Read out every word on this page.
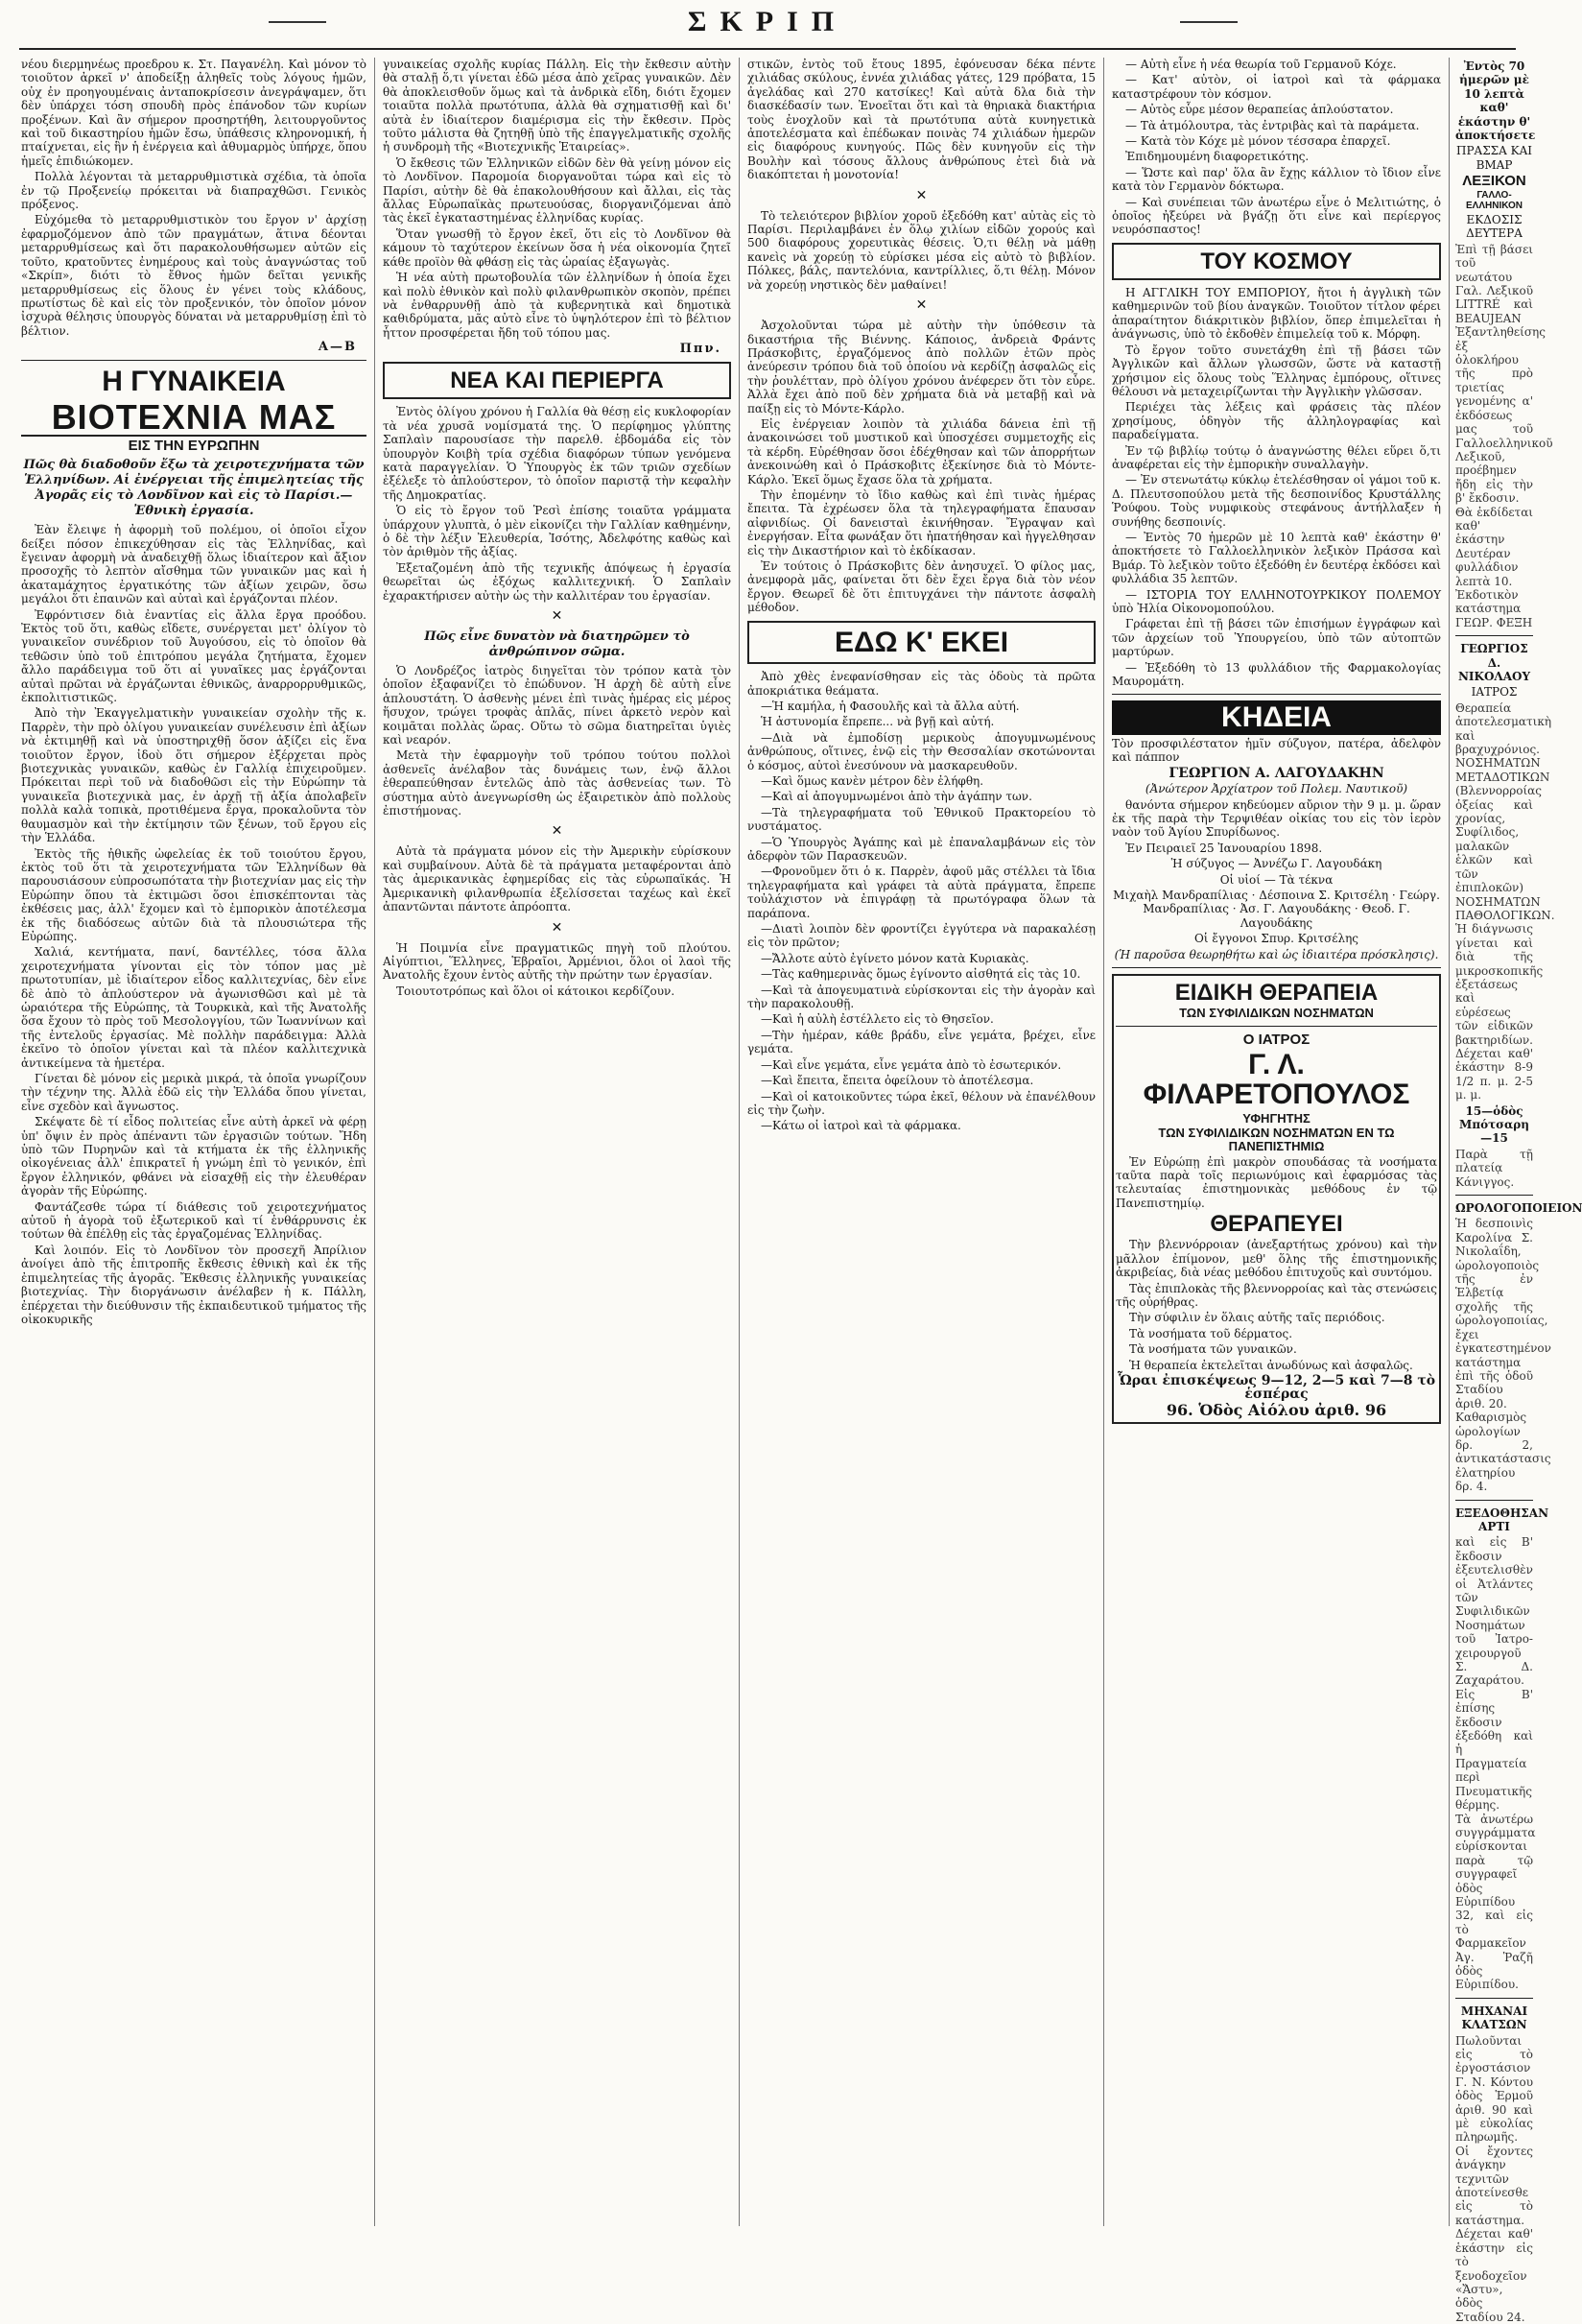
ΣΚΡΙΠ

νέου διερμηνέως προεδρου κ. Στ. Παγανέλη. Καὶ μόνον τὸ τοιοῦτον ἀρκεῖ ν' ἀποδείξῃ ἀληθεῖς τοὺς λόγους ἡμῶν, οὐχ ἐν προηγουμέναις ἀνταποκρίσεσιν ἀνεγράψαμεν, ὅτι δὲν ὑπάρχει τόση σπουδὴ πρὸς ἐπάνοδον τῶν κυρίων προξένων. Καὶ ἂν σήμερον προσηρτήθη, λειτουργοῦντος καὶ τοῦ δικαστηρίου ἡμῶν ἔσω, ὑπάθεσις κληρονομική, ἡ πταίχνεται, εἰς ἣν ἡ ἐνέργεια καὶ ἀθυμαρμὸς ὑπήρχε, ὅπου ἡμεῖς ἐπιδιώκομεν.

Πολλὰ λέγονται τὰ μεταρρυθμιστικὰ σχέδια, τὰ ὁποῖα ἐν τῷ Προξενείῳ πρόκειται νὰ διαπραχθῶσι. Γενικὸς πρόξενος.

Εὐχόμεθα τὸ μεταρρυθμιστικὸν του ἔργον ν' ἀρχίσῃ ἐφαρμοζόμενον ἀπὸ τῶν πραγμάτων, ἅτινα δέονται μεταρρυθμίσεως καὶ ὅτι παρακολουθήσωμεν αὐτῶν εἰς τοῦτο, κρατοῦντες ἐνημέρους καὶ τοὺς ἀναγνώστας τοῦ «Σκρίπ», διότι τὸ ἔθνος ἡμῶν δεῖται γενικῆς μεταρρυθμίσεως εἰς ὅλους ἐν γένει τοὺς κλάδους, πρωτίστως δὲ καὶ εἰς τὸν προξενικόν, τὸν ὁποῖον μόνον ἰσχυρὰ θέλησις ὑπουργὸς δύναται νὰ μεταρρυθμίσῃ ἐπὶ τὸ βέλτιον.

Α—Β
Η ΓΥΝΑΙΚΕΙΑ
ΒΙΟΤΕΧΝΙΑ ΜΑΣ
ΕΙΣ ΤΗΝ ΕΥΡΩΠΗΝ
Πῶς θὰ διαδοθοῦν ἔξω τὰ χειροτεχνήματα τῶν Ἑλληνίδων. Αἱ ἐνέργειαι τῆς ἐπιμελητείας τῆς Ἀγορᾶς εἰς τὸ Λονδῖνον καὶ εἰς τὸ Παρίσι.— Ἐθνικὴ ἐργασία.

Ἐὰν ἔλειψε ἡ ἀφορμὴ τοῦ πολέμου, οἱ ὁποῖοι εἶχον δείξει πόσον ἐπικεχύθησαν εἰς τὰς Ἑλληνίδας, καὶ ἔγειναν ἀφορμὴ νὰ ἀναδειχθῇ ὅλως ἰδιαίτερον καὶ ἄξιον προσοχῆς τὸ λεπτὸν αἴσθημα τῶν γυναικῶν μας καὶ ἡ ἀκαταμάχητος ἐργατικότης τῶν ἀξίων χειρῶν, ὅσω μεγάλοι ὅτι ἐπαινῶν καὶ αὐταὶ καὶ ἐργάζονται πλέον.

Ἐφρόντισεν διὰ ἐναντίας εἰς ἄλλα ἔργα προόδου. Ἐκτὸς τοῦ ὅτι, καθὼς εἴδετε, συνέργεται μετ' ὀλίγον τὸ γυναικεῖον συνέδριον τοῦ Ἀυγούσου, εἰς τὸ ὁποῖον θὰ τεθῶσιν ὑπὸ τοῦ ἐπιτρόπου μεγάλα ζητήματα, ἔχομεν ἄλλο παράδειγμα τοῦ ὅτι αἱ γυναῖκες μας ἐργάζονται αὐταὶ πρῶται νὰ ἐργάζωνται ἐθνικῶς, ἀναρρορρυθμικῶς, ἐκπολιτιστικῶς.

Ἀπὸ τὴν Ἐκαγγελματικὴν γυναικείαν σχολὴν τῆς κ. Παρρὲν, τὴν πρὸ ὀλίγου γυναικείαν συνέλευσιν ἐπὶ ἀξίων νὰ ἐκτιμηθῇ καὶ νὰ ὑποστηριχθῇ ὅσον ἀξίζει εἰς ἕνα τοιοῦτον ἔργον, ἰδοὺ ὅτι σήμερον ἐξέρχεται πρὸς βιοτεχνικὰς γυναικῶν, καθὼς ἐν Γαλλίᾳ ἐπιχειροῦμεν. Πρόκειται περὶ τοῦ νὰ διαδοθῶσι εἰς τὴν Εὐρώπην τὰ γυναικεῖα βιοτεχνικὰ μας, ἐν ἀρχῇ τῇ ἀξία ἀπολαβεῖν πολλὰ καλὰ τοπικὰ, προτιθέμενα ἔργα, προκαλοῦντα τὸν θαυμασμὸν καὶ τὴν ἐκτίμησιν τῶν ξένων, τοῦ ἔργου εἰς τὴν Ἑλλάδα.

Ἐκτὸς τῆς ἠθικῆς ὠφελείας ἐκ τοῦ τοιούτου ἔργου, ἐκτὸς τοῦ ὅτι τὰ χειροτεχνήματα τῶν Ἑλληνίδων θὰ παρουσιάσουν εὐπροσωπότατα τὴν βιοτεχνίαν μας εἰς τὴν Εὐρώπην ὅπου τὰ ἐκτιμῶσι ὅσοι ἐπισκέπτονται τὰς ἐκθέσεις μας, ἀλλ' ἔχομεν καὶ τὸ ἐμπορικὸν ἀποτέλεσμα ἐκ τῆς διαδόσεως αὐτῶν διὰ τὰ πλουσιώτερα τῆς Εὐρώπης.

Χαλιά, κεντήματα, πανί, δαντέλλες, τόσα ἄλλα χειροτεχνήματα γίνονται εἰς τὸν τόπον μας μὲ πρωτοτυπίαν, μὲ ἰδιαίτερον εἶδος καλλιτεχνίας, δὲν εἶνε δὲ ἀπὸ τὸ ἀπλούστερον νὰ ἀγωνισθῶσι καὶ μὲ τὰ ὡραιότερα τῆς Εὐρώπης, τὰ Τουρκικὰ, καὶ τῆς Ἀνατολῆς ὅσα ἔχουν τὸ πρὸς τοῦ Μεσολογγίου, τῶν Ἰωαννίνων καὶ τῆς ἐντελοῦς ἐργασίας. Μὲ πολλὴν παράδειγμα: Ἀλλὰ ἐκεῖνο τὸ ὁποῖον γίνεται καὶ τὰ πλέον καλλιτεχνικὰ ἀντικείμενα τὰ ἡμετέρα.

Γίνεται δὲ μόνον εἰς μερικὰ μικρά, τὰ ὁποῖα γνωρίζουν τὴν τέχνην της. Ἀλλὰ ἐδῶ εἰς τὴν Ἑλλάδα ὅπου γίνεται, εἶνε σχεδὸν καὶ ἄγνωστος.

Σκέψατε δὲ τί εἶδος πολιτείας εἶνε αὐτὴ ἀρκεῖ νὰ φέρῃ ὑπ' ὄψιν ἐν πρὸς ἀπέναντι τῶν ἐργασιῶν τούτων. Ἤδη ὑπὸ τῶν Πυρηνῶν καὶ τὰ κτήματα ἐκ τῆς ἑλληνικῆς οἰκογένειας ἀλλ' ἐπικρατεῖ ἡ γνώμη ἐπὶ τὸ γενικόν, ἐπὶ ἔργον ἐλληνικόν, φθάνει νὰ εἰσαχθῇ εἰς τὴν ἐλευθέραν ἀγορὰν τῆς Εὐρώπης.

Φαντάζεσθε τώρα τί διάθεσις τοῦ χειροτεχνήματος αὐτοῦ ἡ ἀγορὰ τοῦ ἐξωτερικοῦ καὶ τί ἐνθάρρυνσις ἐκ τούτων θὰ ἐπέλθῃ εἰς τὰς ἐργαζομένας Ἑλληνίδας.

Καὶ λοιπόν. Εἰς τὸ Λονδῖνον τὸν προσεχῆ Ἀπρίλιον ἀνοίγει ἀπὸ τῆς ἐπιτροπῆς ἔκθεσις ἐθνικὴ καὶ ἐκ τῆς ἐπιμελητείας τῆς ἀγορᾶς. Ἔκθεσις ἐλληνικῆς γυναικείας βιοτεχνίας. Τὴν διοργάνωσιν ἀνέλαβεν ἡ κ. Πάλλη, ἐπέρχεται τὴν διεύθυνσιν τῆς ἐκπαιδευτικοῦ τμήματος τῆς οἰκοκυρικῆς

γυναικείας σχολῆς κυρίας Πάλλη. Εἰς τὴν ἔκθεσιν αὐτὴν θὰ σταλῇ ὅ,τι γίνεται ἐδῶ μέσα ἀπὸ χεῖρας γυναικῶν. Δὲν θὰ ἀποκλεισθοῦν ὅμως καὶ τὰ ἀνδρικὰ εἴδη, διότι ἔχομεν τοιαῦτα πολλὰ πρωτότυπα, ἀλλὰ θὰ σχηματισθῇ καὶ δι' αὐτὰ ἐν ἰδιαίτερον διαμέρισμα εἰς τὴν ἔκθεσιν. Πρὸς τοῦτο μάλιστα θὰ ζητηθῇ ὑπὸ τῆς ἐπαγγελματικῆς σχολῆς ἡ συνδρομὴ τῆς «Βιοτεχνικῆς Ἑταιρείας».

Ὁ ἔκθεσις τῶν Ἑλληνικῶν εἰδῶν δὲν θὰ γείνῃ μόνον εἰς τὸ Λονδῖνον. Παρομοία διοργανοῦται τώρα καὶ εἰς τὸ Παρίσι, αὐτὴν δὲ θὰ ἐπακολουθήσουν καὶ ἄλλαι, εἰς τὰς ἄλλας Εὐρωπαϊκὰς πρωτευούσας, διοργανιζόμεναι ἀπὸ τὰς ἐκεῖ ἐγκαταστημένας ἑλληνίδας κυρίας.

Ὅταν γνωσθῇ τὸ ἔργον ἐκεῖ, ὅτι εἰς τὸ Λονδῖνον θὰ κάμουν τὸ ταχύτερον ἐκείνων ὅσα ἡ νέα οἰκονομία ζητεῖ κάθε προϊὸν θὰ φθάσῃ εἰς τὰς ὠραίας ἐξαγωγὰς.

Ἡ νέα αὐτὴ πρωτοβουλία τῶν ἑλληνίδων ἡ ὁποία ἔχει καὶ πολὺ ἐθνικὸν καὶ πολὺ φιλανθρωπικὸν σκοπὸν, πρέπει νὰ ἐνθαρρυνθῇ ἀπὸ τὰ κυβερνητικὰ καὶ δημοτικὰ καθιδρύματα, μᾶς αὐτὸ εἶνε τὸ ὑψηλότερον ἐπὶ τὸ βέλτιον ἧττον προσφέρεται ἤδη τοῦ τόπου μας.

Ππν.
ΝΕΑ ΚΑΙ ΠΕΡΙΕΡΓΑ

Ἐντὸς ὀλίγου χρόνου ἡ Γαλλία θὰ θέσῃ εἰς κυκλοφορίαν τὰ νέα χρυσᾶ νομίσματά της. Ὁ περίφημος γλύπτης Σαπλαὶν παρουσίασε τὴν παρελθ. ἑβδομάδα εἰς τὸν ὑπουργὸν Κοιβὴ τρία σχέδια διαφόρων τύπων γενόμενα κατὰ παραγγελίαν. Ὁ Ὑπουργὸς ἐκ τῶν τριῶν σχεδίων ἐξέλεξε τὸ ἀπλούστερον, τὸ ὁποῖον παριστᾷ τὴν κεφαλὴν τῆς Δημοκρατίας.

Ὁ εἰς τὸ ἔργον τοῦ Ῥεσὶ ἐπίσης τοιαῦτα γράμματα ὑπάρχουν γλυπτὰ, ὁ μὲν εἰκονίζει τὴν Γαλλίαν καθημένην, ὁ δὲ τὴν λέξιν Ἐλευθερία, Ἰσότης, Ἀδελφότης καθὼς καὶ τὸν ἀριθμὸν τῆς ἀξίας.

Ἐξεταζομένη ἀπὸ τῆς τεχνικῆς ἀπόψεως ἡ ἐργασία θεωρεῖται ὡς ἐξόχως καλλιτεχνική. Ὁ Σαπλαὶν ἐχαρακτήρισεν αὐτὴν ὡς τὴν καλλιτέραν του ἐργασίαν.

✕
Πῶς εἶνε δυνατὸν νὰ διατηρῶμεν τὸ ἀνθρώπινον σῶμα.

Ὁ Λονδρέζος ἰατρὸς διηγεῖται τὸν τρόπον κατὰ τὸν ὁποῖον ἐξαφανίζει τὸ ἐπώδυνον. Ἡ ἀρχὴ δὲ αὐτὴ εἶνε ἁπλουστάτη. Ὁ ἀσθενὴς μένει ἐπὶ τινὰς ἡμέρας εἰς μέρος ἥσυχον, τρώγει τροφὰς ἀπλᾶς, πίνει ἀρκετὸ νερὸν καὶ κοιμᾶται πολλὰς ὥρας. Οὕτω τὸ σῶμα διατηρεῖται ὑγιὲς καὶ νεαρόν.

Μετὰ τὴν ἐφαρμογὴν τοῦ τρόπου τούτου πολλοὶ ἀσθενεῖς ἀνέλαβον τὰς δυνάμεις των, ἐνῷ ἄλλοι ἐθεραπεύθησαν ἐντελῶς ἀπὸ τὰς ἀσθενείας των. Τὸ σύστημα αὐτὸ ἀνεγνωρίσθη ὡς ἐξαιρετικὸν ἀπὸ πολλοὺς ἐπιστήμονας.

✕

Αὐτὰ τὰ πράγματα μόνον εἰς τὴν Ἀμερικὴν εὑρίσκουν καὶ συμβαίνουν. Αὐτὰ δὲ τὰ πράγματα μεταφέρονται ἀπὸ τὰς ἀμερικανικὰς ἐφημερίδας εἰς τὰς εὐρωπαϊκάς. Ἡ Ἀμερικανικὴ φιλανθρωπία ἐξελίσσεται ταχέως καὶ ἐκεῖ ἀπαντῶνται πάντοτε ἀπρόοπτα.

✕

Ἡ Ποιμνία εἶνε πραγματικῶς πηγὴ τοῦ πλούτου. Αἰγύπτιοι, Ἕλληνες, Ἑβραῖοι, Ἀρμένιοι, ὅλοι οἱ λαοὶ τῆς Ἀνατολῆς ἔχουν ἐντὸς αὐτῆς τὴν πρώτην των ἐργασίαν.

Τοιουτοτρόπως καὶ ὅλοι οἱ κάτοικοι κερδίζουν.

στικῶν, ἐντὸς τοῦ ἔτους 1895, ἐφόνευσαν δέκα πέντε χιλιάδας σκύλους, ἐννέα χιλιάδας γάτες, 129 πρόβατα, 15 ἀγελάδας καὶ 270 κατσίκες! Καὶ αὐτὰ δλα διὰ τὴν διασκέδασίν των. Ἐνοεῖται ὅτι καὶ τὰ θηριακὰ διακτήρια τοὺς ἐνοχλοῦν καὶ τὰ πρωτότυπα αὐτὰ κυνηγετικὰ ἀποτελέσματα καὶ ἐπέδωκαν ποινὰς 74 χιλιάδων ἡμερῶν εἰς διαφόρους κυνηγούς. Πῶς δὲν κυνηγοῦν εἰς τὴν Βουλὴν καὶ τόσους ἄλλους ἀνθρώπους ἐτεὶ διὰ νὰ διακόπτεται ἡ μονοτονία!

✕

Τὸ τελειότερον βιβλίον χοροῦ ἐξεδόθη κατ' αὐτὰς εἰς τὸ Παρίσι. Περιλαμβάνει ἐν ὅλῳ χιλίων εἰδῶν χορούς καὶ 500 διαφόρους χορευτικὰς θέσεις. Ὁ,τι θέλῃ νὰ μάθῃ κανεὶς νὰ χορεύῃ τὸ εὑρίσκει μέσα εἰς αὐτὸ τὸ βιβλίον. Πόλκες, βάλς, παντελόνια, καντρίλλιες, ὅ,τι θέλῃ. Μόνον νὰ χορεύῃ νηστικὸς δὲν μαθαίνει!

✕

Ἀσχολοῦνται τώρα μὲ αὐτὴν τὴν ὑπόθεσιν τὰ δικαστήρια τῆς Βιέννης. Κάποιος, ἀνδρειὰ Φράντς Πράσκοβιτς, ἐργαζόμενος ἀπὸ πολλῶν ἐτῶν πρὸς ἀνεύρεσιν τρόπου διὰ τοῦ ὁποίου νὰ κερδίζῃ ἀσφαλῶς εἰς τὴν ῥουλέτταν, πρὸ ὀλίγου χρόνου ἀνέφερεν ὅτι τὸν εὗρε. Ἀλλὰ ἔχει ἀπὸ ποῦ δὲν χρήματα διὰ νὰ μεταβῇ καὶ νὰ παίξῃ εἰς τὸ Μόντε-Κάρλο.

Εἰς ἐνέργειαν λοιπὸν τὰ χιλιάδα δάνεια ἐπὶ τῇ ἀνακοινώσει τοῦ μυστικοῦ καὶ ὑποσχέσει συμμετοχῆς εἰς τὰ κέρδη. Εὐρέθησαν ὅσοι ἐδέχθησαν καὶ τῶν ἀπορρήτων ἀνεκοινώθη καὶ ὁ Πράσκοβιτς ἐξεκίνησε διὰ τὸ Μόντε-Κάρλο. Ἐκεῖ ὅμως ἔχασε ὅλα τὰ χρήματα.

Τὴν ἐπομένην τὸ ἴδιο καθὼς καὶ ἐπὶ τινὰς ἡμέρας ἔπειτα. Τὰ ἐχρέωσεν ὅλα τὰ τηλεγραφήματα ἔπαυσαν αἰφνιδίως. Οἱ δανεισταὶ ἐκινήθησαν. Ἔγραψαν καὶ ἐνεργήσαν. Εἶτα φωνάξαν ὅτι ἠπατήθησαν καὶ ἠγγελθησαν εἰς τὴν Δικαστήριον καὶ τὸ ἐκδίκασαν.

Ἐν τούτοις ὁ Πράσκοβιτς δὲν ἀνησυχεῖ. Ὁ φίλος μας, ἀνεμφορὰ μᾶς, φαίνεται ὅτι δὲν ἔχει ἔργα διὰ τὸν νέον ἔργον. Θεωρεῖ δὲ ὅτι ἐπιτυγχάνει τὴν πάντοτε ἀσφαλὴ μέθοδον.

ΕΔΩ Κ' ΕΚΕΙ

Ἀπὸ χθὲς ἐνεφανίσθησαν εἰς τὰς ὁδοὺς τὰ πρῶτα ἀποκριάτικα θεάματα.

—Ἡ καμήλα, ἡ Φασουλῆς καὶ τὰ ἄλλα αὐτή.

Ἡ ἀστυνομία ἔπρεπε... νὰ βγῇ καὶ αὐτή.

—Διὰ νὰ ἐμποδίσῃ μερικοὺς ἀπογυμνωμένους ἀνθρώπους, οἵτινες, ἐνῷ εἰς τὴν Θεσσαλίαν σκοτώνονται ὁ κόσμος, αὐτοὶ ἐνεσύνουν νὰ μασκαρευθοῦν.

—Καὶ ὅμως κανὲν μέτρον δὲν ἐλήφθη.

—Καὶ αἱ ἀπογυμνωμένοι ἀπὸ τὴν ἀγάπην των.

—Τὰ τηλεγραφήματα τοῦ Ἐθνικοῦ Πρακτορείου τὸ νυστάματος.

—Ὁ Ὑπουργὸς Ἀγάπης καὶ μὲ ἐπαναλαμβάνων εἰς τὸν ἀδερφὸν τῶν Παρασκευῶν.

—Φρονοῦμεν ὅτι ὁ κ. Παρρὲν, ἀφοῦ μᾶς στέλλει τὰ ἴδια τηλεγραφήματα καὶ γράφει τὰ αὐτὰ πράγματα, ἔπρεπε τοὐλάχιστον νὰ ἐπιγράφῃ τὰ πρωτόγραφα ὅλων τὰ παράπονα.

—Διατὶ λοιπὸν δὲν φροντίζει ἐγγύτερα νὰ παρακαλέσῃ εἰς τὸν πρῶτον;

—Ἄλλοτε αὐτὸ ἐγίνετο μόνον κατὰ Κυριακὰς.

—Τὰς καθημερινὰς ὅμως ἐγίνοντο αἰσθητά εἰς τὰς 10.

—Καὶ τὰ ἀπογευματινὰ εὑρίσκονται εἰς τὴν ἀγορὰν καὶ τὴν παρακολουθῇ.

—Καὶ ἡ αὐλὴ ἐστέλλετο εἰς τὸ Θησεῖον.

—Τὴν ἡμέραν, κάθε βράδυ, εἶνε γεμάτα, βρέχει, εἶνε γεμάτα.

—Καὶ εἶνε γεμάτα, εἶνε γεμάτα ἀπὸ τὸ ἐσωτερικόν.

—Καὶ ἔπειτα, ἔπειτα ὀφείλουν τὸ ἀποτέλεσμα.

—Καὶ οἱ κατοικοῦντες τώρα ἐκεῖ, θέλουν νὰ ἐπανέλθουν εἰς τὴν ζωὴν.

—Κάτω οἱ ἰατροὶ καὶ τὰ φάρμακα.

— Αὐτὴ εἶνε ἡ νέα θεωρία τοῦ Γερμανοῦ Κόχε.

— Κατ' αὐτὸν, οἱ ἰατροὶ καὶ τὰ φάρμακα καταστρέφουν τὸν κόσμον.

— Αὐτὸς εὗρε μέσον θεραπείας ἁπλούστατον.

— Τὰ ἀτμόλουτρα, τὰς ἐντριβὰς καὶ τὰ παράμετα.

— Κατὰ τὸν Κόχε μὲ μόνον τέσσαρα ἐπαρχεῖ.

Ἐπιδημουμένη διαφορετικότης.

— Ὥστε καὶ παρ' ὅλα ἂν ἔχῃς κάλλιον τὸ ἴδιον εἶνε κατὰ τὸν Γερμανὸν δόκτωρα.

— Καὶ συνέπειαι τῶν ἀνωτέρω εἶνε ὁ Μελιτιώτης, ὁ ὁποῖος ἠξεύρει νὰ βγάζῃ ὅτι εἶνε καὶ περίεργος νευρόσπαστος!

ΤΟΥ ΚΟΣΜΟΥ

Η ΑΓΓΛΙΚΗ ΤΟΥ ΕΜΠΟΡΙΟΥ, ἤτοι ἡ ἀγγλικὴ τῶν καθημερινῶν τοῦ βίου ἀναγκῶν. Τοιοῦτον τίτλον φέρει ἀπαραίτητον διάκριτικὸν βιβλίον, ὅπερ ἐπιμελεῖται ἡ ἀνάγνωσις, ὑπὸ τὸ ἐκδοθὲν ἐπιμελείᾳ τοῦ κ. Μόρφη.

Τὸ ἔργον τοῦτο συνετάχθη ἐπὶ τῇ βάσει τῶν Ἀγγλικῶν καὶ ἄλλων γλωσσῶν, ὥστε νὰ καταστῇ χρήσιμον εἰς ὅλους τοὺς Ἕλληνας ἐμπόρους, οἵτινες θέλουσι νὰ μεταχειρίζωνται τὴν Ἀγγλικὴν γλῶσσαν.

Περιέχει τὰς λέξεις καὶ φράσεις τὰς πλέον χρησίμους, ὁδηγὸν τῆς ἀλληλογραφίας καὶ παραδείγματα.

Ἐν τῷ βιβλίῳ τούτῳ ὁ ἀναγνώστης θέλει εὕρει ὅ,τι ἀναφέρεται εἰς τὴν ἐμπορικὴν συναλλαγὴν.

— Ἐν στενωτάτῳ κύκλῳ ἐτελέσθησαν οἱ γάμοι τοῦ κ. Δ. Πλευτσοπούλου μετὰ τῆς δεσποινίδος Κρυστάλλης Ῥούφου. Τοὺς νυμφικοὺς στεφάνους ἀντήλλαξεν ἡ συνήθης δεσποινίς.

— Ἐντὸς 70 ἡμερῶν μὲ 10 λεπτὰ καθ' ἑκάστην θ' ἀποκτήσετε τὸ Γαλλοελληνικὸν λεξικὸν Πράσσα καὶ Βμάρ. Τὸ λεξικὸν τοῦτο ἐξεδόθη ἐν δευτέρᾳ ἐκδόσει καὶ φυλλάδια 35 λεπτῶν.

— ΙΣΤΟΡΙΑ ΤΟΥ ΕΛΛΗΝΟΤΟΥΡΚΙΚΟΥ ΠΟΛΕΜΟΥ ὑπὸ Ἠλία Οἰκονομοπούλου.

Γράφεται ἐπὶ τῇ βάσει τῶν ἐπισήμων ἐγγράφων καὶ τῶν ἀρχείων τοῦ Ὑπουργείου, ὑπὸ τῶν αὐτοπτῶν μαρτύρων.

— Ἐξεδόθη τὸ 13 φυλλάδιον τῆς Φαρμακολογίας Μαυρομάτη.

ΚΗΔΕΙΑ

Τὸν προσφιλέστατον ἡμῖν σύζυγον, πατέρα, ἀδελφὸν καὶ πάππον

ΓΕΩΡΓΙΟΝ Α. ΛΑΓΟΥΔΑΚΗΝ
(Ἀνώτερον Ἀρχίατρον τοῦ Πολεμ. Ναυτικοῦ)

θανόντα σήμερον κηδεύομεν αὔριον τὴν 9 μ. μ. ὥραν ἐκ τῆς παρὰ τὴν Τερψιθέαν οἰκίας του εἰς τὸν ἱερὸν ναὸν τοῦ Ἁγίου Σπυρίδωνος.

Ἐν Πειραιεῖ 25 Ἰανουαρίου 1898.

Ἡ σύζυγος — Ἀννέζω Γ. Λαγουδάκη
Οἱ υἱοί — Τὰ τέκνα
Μιχαὴλ Μανδραπίλιας · Δέσποινα Σ. Κριτσέλη · Γεώργ. Μανδραπίλιας · Ἀσ. Γ. Λαγουδάκης · Θεοδ. Γ. Λαγουδάκης
Οἱ ἔγγονοι Σπυρ. Κριτσέλης
(Ἡ παροῦσα θεωρηθήτω καὶ ὡς ἰδιαιτέρα πρόσκλησις).
ΕΙΔΙΚΗ ΘΕΡΑΠΕΙΑ
ΤΩΝ ΣΥΦΙΛΙΔΙΚΩΝ ΝΟΣΗΜΑΤΩΝ
Ο ΙΑΤΡΟΣ
Γ. Λ. ΦΙΛΑΡΕΤΟΠΟΥΛΟΣ
ΥΦΗΓΗΤΗΣ
ΤΩΝ ΣΥΦΙΛΙΔΙΚΩΝ ΝΟΣΗΜΑΤΩΝ ΕΝ ΤΩ ΠΑΝΕΠΙΣΤΗΜΙΩ

Ἐν Εὐρώπῃ ἐπὶ μακρὸν σπουδάσας τὰ νοσήματα ταῦτα παρὰ τοῖς περιωνύμοις καὶ ἐφαρμόσας τὰς τελευταίας ἐπιστημονικὰς μεθόδους ἐν τῷ Πανεπιστημίῳ.

ΘΕΡΑΠΕΥΕΙ

Τὴν βλεννόρροιαν (ἀνεξαρτήτως χρόνου) καὶ τὴν μᾶλλον ἐπίμονον, μεθ' ὅλης τῆς ἐπιστημονικῆς ἀκριβείας, διὰ νέας μεθόδου ἐπιτυχοῦς καὶ συντόμου.

Τὰς ἐπιπλοκὰς τῆς βλεννορροίας καὶ τὰς στενώσεις τῆς οὐρήθρας.

Τὴν σύφιλιν ἐν ὅλαις αὐτῆς ταῖς περιόδοις.

Τὰ νοσήματα τοῦ δέρματος.

Τὰ νοσήματα τῶν γυναικῶν.

Ἡ θεραπεία ἐκτελεῖται ἀνωδύνως καὶ ἀσφαλῶς.

Ὧραι ἐπισκέψεως 9—12, 2—5 καὶ 7—8 τὸ ἑσπέρας
96. Ὁδὸς Αἰόλου ἀριθ. 96
Ἐντὸς 70 ἡμερῶν μὲ 10 λεπτὰ καθ' ἑκάστην θ' ἀποκτήσετε
ΠΡΑΣΣΑ ΚΑΙ ΒΜΑΡ
ΛΕΞΙΚΟΝ
ΓΑΛΛΟ-ΕΛΛΗΝΙΚΟΝ
ΕΚΔΟΣΙΣ ΔΕΥΤΕΡΑ

Ἐπὶ τῇ βάσει τοῦ νεωτάτου Γαλ. Λεξικοῦ LITTRÉ καὶ BEAUJEAN

Ἐξαντληθείσης ἐξ ὁλοκλήρου τῆς πρὸ τριετίας γενομένης α' ἐκδόσεως μας τοῦ Γαλλοελληνικοῦ Λεξικοῦ, προέβημεν ἤδη εἰς τὴν β' ἔκδοσιν.

Θὰ ἐκδίδεται καθ' ἑκάστην Δευτέραν φυλλάδιον λεπτὰ 10.

Ἐκδοτικὸν κατάστημα ΓΕΩΡ. ΦΕΞΗ

ΓΕΩΡΓΙΟΣ Δ. ΝΙΚΟΛΑΟΥ
ΙΑΤΡΟΣ

Θεραπεία ἀποτελεσματικὴ καὶ βραχυχρόνιος.

ΝΟΣΗΜΑΤΩΝ ΜΕΤΑΔΟΤΙΚΩΝ (Βλεννορροίας ὀξείας καὶ χρονίας, Συφίλιδος, μαλακῶν ἑλκῶν καὶ τῶν ἐπιπλοκῶν) ΝΟΣΗΜΑΤΩΝ ΠΑΘΟΛΟΓΙΚΩΝ.

Ἡ διάγνωσις γίνεται καὶ διὰ τῆς μικροσκοπικῆς ἐξετάσεως καὶ εὑρέσεως τῶν εἰδικῶν βακτηριδίων.

Δέχεται καθ' ἑκάστην 8-9 1/2 π. μ. 2-5 μ. μ.

15—ὁδὸς Μπότσαρη—15

Παρὰ τῇ πλατείᾳ Κάνιγγος.

ΩΡΟΛΟΓΟΠΟΙΕΙΟΝ

Ἡ δεσποινὶς Καρολίνα Σ. Νικολαΐδη, ὡρολογοποιὸς τῆς ἐν Ἑλβετίᾳ σχολῆς τῆς ὡρολογοποιίας, ἔχει ἐγκατεστημένον κατάστημα ἐπὶ τῆς ὁδοῦ Σταδίου ἀριθ. 20.

Καθαρισμὸς ὡρολογίων δρ. 2, ἀντικατάστασις ἐλατηρίου δρ. 4.

ΕΞΕΔΟΘΗΣΑΝ ΑΡΤΙ

καὶ εἰς Β' ἔκδοσιν ἐξευτελισθὲν οἱ Ἀτλάντες τῶν Συφιλιδικῶν Νοσημάτων τοῦ Ἰατρο-χειρουργοῦ Σ. Δ. Ζαχαράτου.

Εἰς Β' ἐπίσης ἔκδοσιν ἐξεδόθη καὶ ἡ Πραγματεία περὶ Πνευματικῆς θέρμης.

Τὰ ἀνωτέρω συγγράμματα εὑρίσκονται παρὰ τῷ συγγραφεῖ ὁδὸς Εὐριπίδου 32, καὶ εἰς τὸ Φαρμακεῖον Ἀγ. Ῥαζῆ ὁδὸς Εὐριπίδου.

ΜΗΧΑΝΑΙ ΚΛΑΤΣΩΝ

Πωλοῦνται εἰς τὸ ἐργοστάσιον Γ. Ν. Κόντου ὁδὸς Ἑρμοῦ ἀριθ. 90 καὶ μὲ εὐκολίας πληρωμῆς.

Οἱ ἔχοντες ἀνάγκην τεχνιτῶν ἀποτείνεσθε εἰς τὸ κατάστημα.

Δέχεται καθ' ἑκάστην εἰς τὸ ξενοδοχεῖον «Ἄστυ», ὁδὸς Σταδίου 24.
